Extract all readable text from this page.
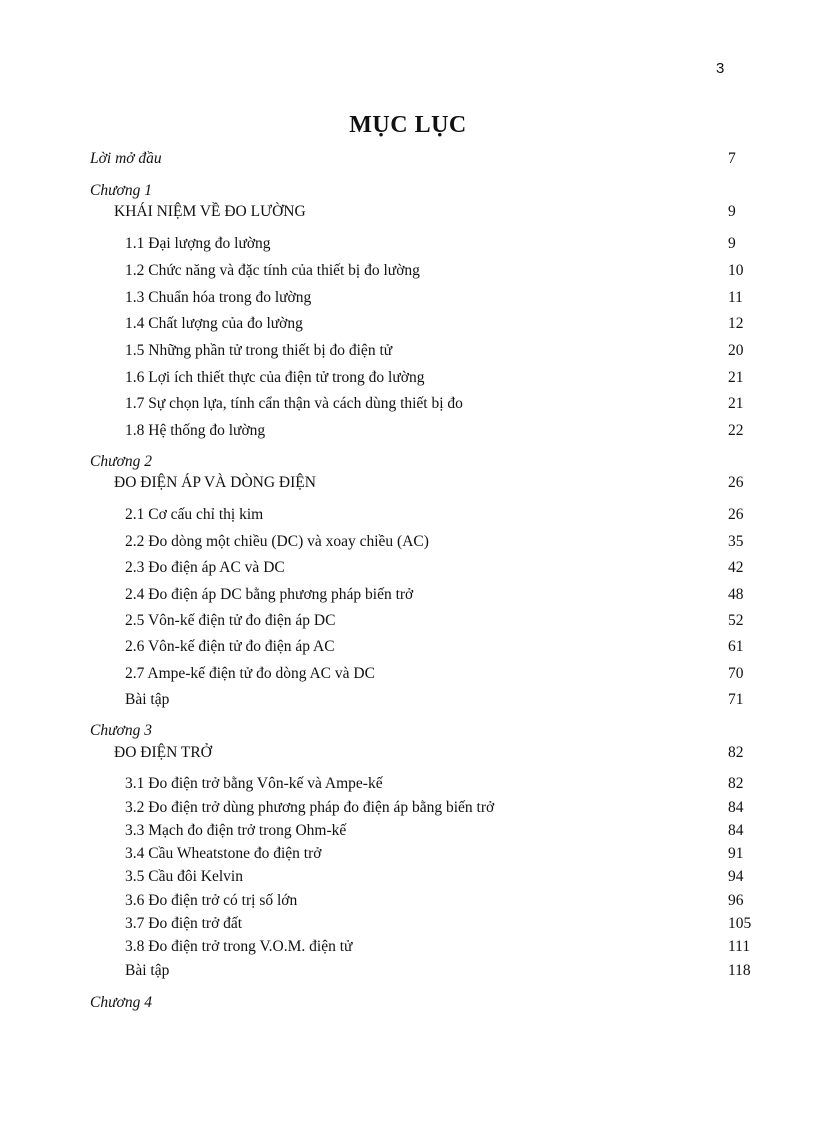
3
MỤC LỤC
Lời mở đầu	7
Chương 1
KHÁI NIỆM VỀ ĐO LƯỜNG	9
1.1 Đại lượng đo lường	9
1.2 Chức năng và đặc tính của thiết bị đo lường	10
1.3 Chuẩn hóa trong đo lường	11
1.4 Chất lượng của đo lường	12
1.5 Những phần tử trong thiết bị đo điện tử	20
1.6 Lợi ích thiết thực của điện tử trong đo lường	21
1.7 Sự chọn lựa, tính cẩn thận và cách dùng thiết bị đo	21
1.8 Hệ thống đo lường	22
Chương 2
ĐO ĐIỆN ÁP VÀ DÒNG ĐIỆN	26
2.1 Cơ cấu chỉ thị kim	26
2.2 Đo dòng một chiều (DC) và xoay chiều (AC)	35
2.3 Đo điện áp AC và DC	42
2.4 Đo điện áp DC bằng phương pháp biến trở	48
2.5 Vôn-kế điện tử đo điện áp DC	52
2.6 Vôn-kế điện tử đo điện áp AC	61
2.7 Ampe-kế điện tử đo dòng AC và DC	70
Bài tập	71
Chương 3
ĐO ĐIỆN TRỞ	82
3.1 Đo điện trở bằng Vôn-kế và Ampe-kế	82
3.2 Đo điện trở dùng phương pháp đo điện áp bằng biến trở	84
3.3 Mạch đo điện trở trong Ohm-kế	84
3.4 Cầu Wheatstone đo điện trở	91
3.5 Cầu đôi Kelvin	94
3.6 Đo điện trở có trị số lớn	96
3.7 Đo điện trở đất	105
3.8 Đo điện trở trong V.O.M. điện tử	111
Bài tập	118
Chương 4
